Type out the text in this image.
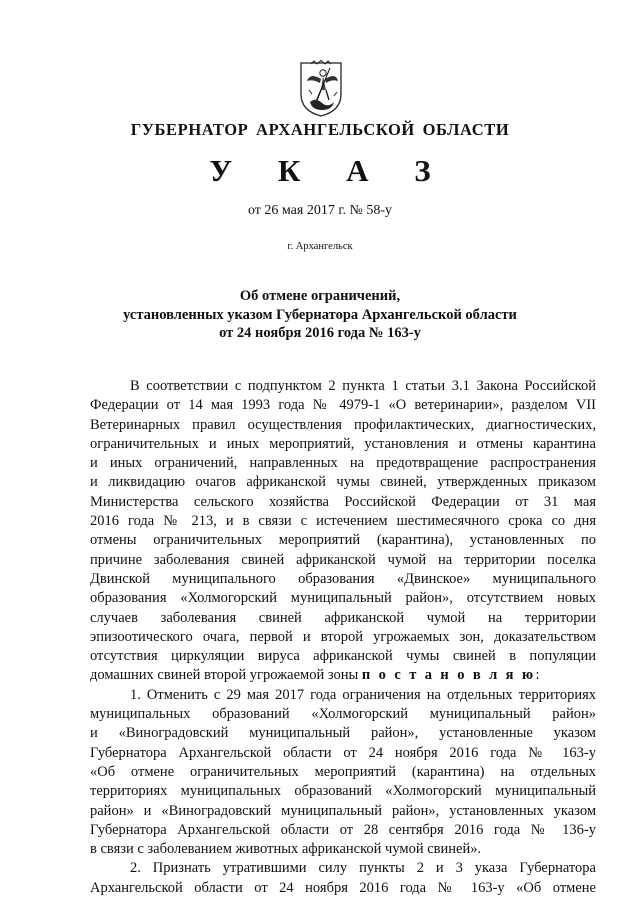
ГУБЕРНАТОР АРХАНГЕЛЬСКОЙ ОБЛАСТИ
У К А З
от 26 мая 2017 г. № 58-у
г. Архангельск
Об отмене ограничений,
установленных указом Губернатора Архангельской области
от 24 ноября 2016 года № 163-у
В соответствии с подпунктом 2 пункта 1 статьи 3.1 Закона Российской
Федерации от 14 мая 1993 года № 4979-1 «О ветеринарии», разделом VII
Ветеринарных правил осуществления профилактических, диагностических,
ограничительных и иных мероприятий, установления и отмены карантина
и иных ограничений, направленных на предотвращение распространения
и ликвидацию очагов африканской чумы свиней, утвержденных приказом
Министерства сельского хозяйства Российской Федерации от 31 мая
2016 года № 213, и в связи с истечением шестимесячного срока со дня
отмены ограничительных мероприятий (карантина), установленных по
причине заболевания свиней африканской чумой на территории поселка
Двинской муниципального образования «Двинское» муниципального
образования «Холмогорский муниципальный район», отсутствием новых
случаев заболевания свиней африканской чумой на территории
эпизоотического очага, первой и второй угрожаемых зон, доказательством
отсутствия циркуляции вируса африканской чумы свиней в популяции
домашних свиней второй угрожаемой зоны п о с т а н о в л я ю:
1. Отменить с 29 мая 2017 года ограничения на отдельных территориях
муниципальных образований «Холмогорский муниципальный район»
и «Виноградовский муниципальный район», установленные указом
Губернатора Архангельской области от 24 ноября 2016 года № 163-у
«Об отмене ограничительных мероприятий (карантина) на отдельных
территориях муниципальных образований «Холмогорский муниципальный
район» и «Виноградовский муниципальный район», установленных указом
Губернатора Архангельской области от 28 сентября 2016 года № 136-у
в связи с заболеванием животных африканской чумой свиней».
2. Признать утратившими силу пункты 2 и 3 указа Губернатора
Архангельской области от 24 ноября 2016 года № 163-у «Об отмене
